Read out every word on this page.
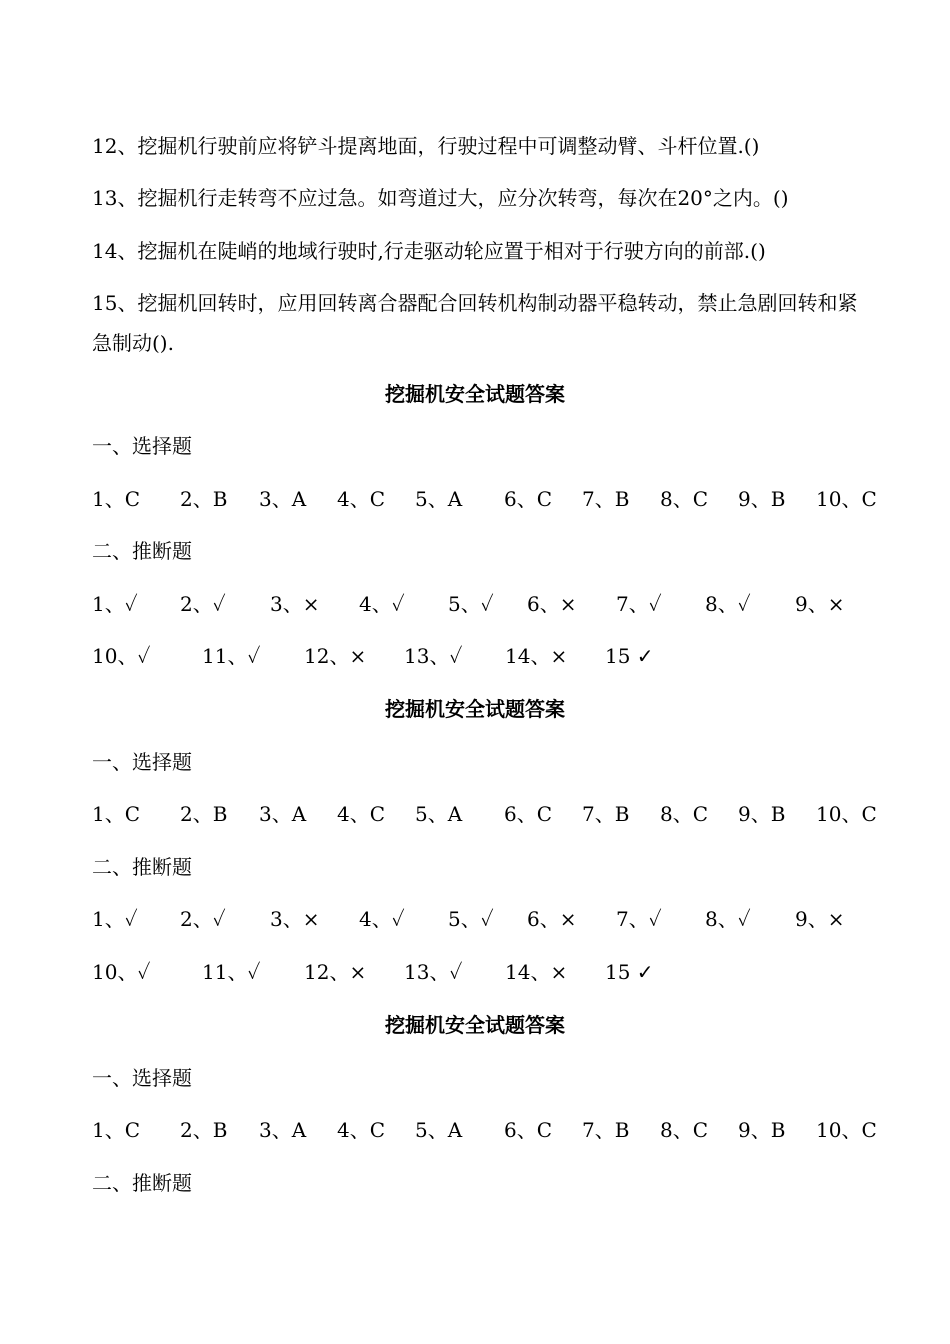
12、挖掘机行驶前应将铲斗提离地面，行驶过程中可调整动臂、斗杆位置.()
13、挖掘机行走转弯不应过急。如弯道过大，应分次转弯，每次在20°之内。()
14、挖掘机在陡峭的地域行驶时,行走驱动轮应置于相对于行驶方向的前部.()
15、挖掘机回转时，应用回转离合器配合回转机构制动器平稳转动，禁止急剧回转和紧急制动().
挖掘机安全试题答案
一、选择题
1、C 2、B 3、A 4、C 5、A 6、C 7、B 8、C 9、B 10、C
二、推断题
1、✓ 2、✓ 3、× 4、✓ 5、✓ 6、× 7、✓ 8、✓ 9、×
10、✓	11、✓ 12、× 13、✓ 14、× 15 ✓
挖掘机安全试题答案
一、选择题
1、C 2、B 3、A 4、C 5、A 6、C 7、B 8、C 9、B 10、C
二、推断题
1、✓ 2、✓ 3、× 4、✓ 5、✓ 6、× 7、✓ 8、✓ 9、×
10、✓	11、✓ 12、× 13、✓ 14、× 15 ✓
挖掘机安全试题答案
一、选择题
1、C 2、B 3、A 4、C 5、A 6、C 7、B 8、C 9、B 10、C
二、推断题
